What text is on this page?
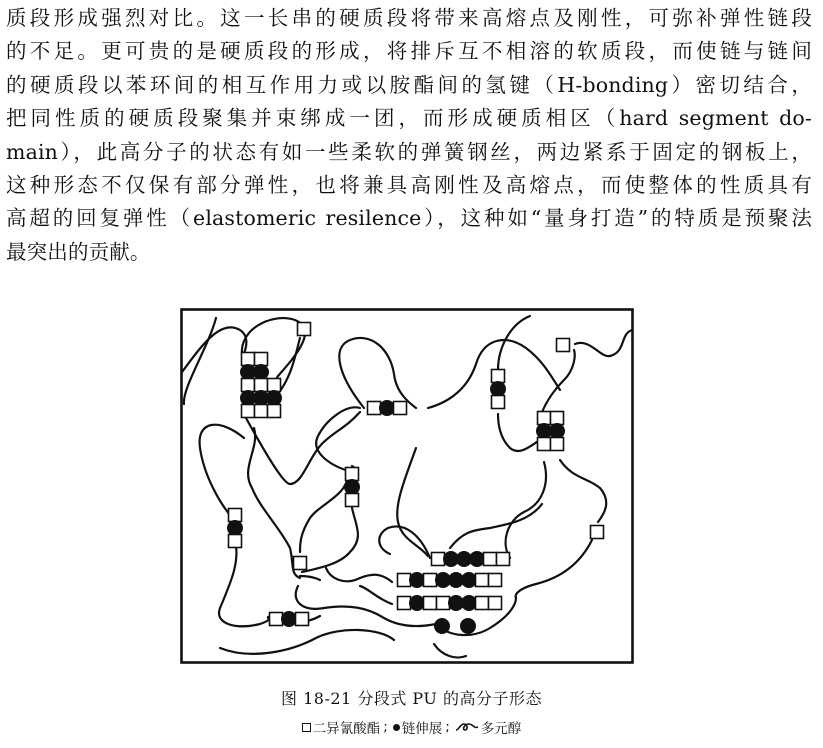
质段形成强烈对比。这一长串的硬质段将带来高熔点及刚性，可弥补弹性链段
的不足。更可贵的是硬质段的形成，将排斥互不相溶的软质段，而使链与链间
的硬质段以苯环间的相互作用力或以胺酯间的氢键（H-bonding）密切结合，
把同性质的硬质段聚集并束绑成一团，而形成硬质相区（hard segment do-
main），此高分子的状态有如一些柔软的弹簧钢丝，两边紧系于固定的钢板上，
这种形态不仅保有部分弹性，也将兼具高刚性及高熔点，而使整体的性质具有
高超的回复弹性（elastomeric resilence），这种如“量身打造”的特质是预聚法
最突出的贡献。
图 18-21 分段式 PU 的高分子形态
二异氰酸酯 ; 链伸展 ; 多元醇
